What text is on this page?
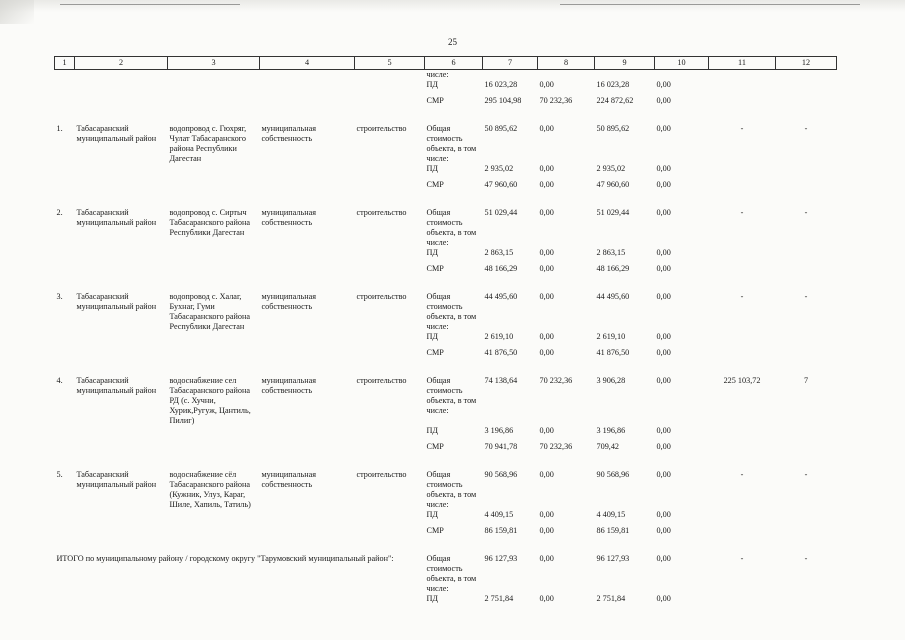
25
1	2	3	4	5	6	7	8	9	10	11	12
					числе:						
					ПД	16 023,28	0,00	16 023,28	0,00		
					СМР	295 104,98	70 232,36	224 872,62	0,00		

1.	Табасаранский муниципальный район	водопровод с. Гюхряг, Чулат Табасаранского района Республики Дагестан	муниципальная собственность	строительство	Общая стоимость объекта, в том числе:	50 895,62	0,00	50 895,62	0,00	-	-
					ПД	2 935,02	0,00	2 935,02	0,00		
					СМР	47 960,60	0,00	47 960,60	0,00		

2.	Табасаранский муниципальный район	водопровод с. Сиртыч Табасаранского района Республики Дагестан	муниципальная собственность	строительство	Общая стоимость объекта, в том числе:	51 029,44	0,00	51 029,44	0,00	-	-
					ПД	2 863,15	0,00	2 863,15	0,00		
					СМР	48 166,29	0,00	48 166,29	0,00		

3.	Табасаранский муниципальный район	водопровод с. Халаг, Бухнаг, Гуми Табасаранского района Республики Дагестан	муниципальная собственность	строительство	Общая стоимость объекта, в том числе:	44 495,60	0,00	44 495,60	0,00	-	-
					ПД	2 619,10	0,00	2 619,10	0,00		
					СМР	41 876,50	0,00	41 876,50	0,00		

4.	Табасаранский муниципальный район	водоснабжение сел Табасаранского района РД (с. Хучни, Хурик,Ругуж, Цантиль, Пилиг)	муниципальная собственность	строительство	Общая стоимость объекта, в том числе:	74 138,64	70 232,36	3 906,28	0,00	225 103,72	7
					ПД	3 196,86	0,00	3 196,86	0,00		
					СМР	70 941,78	70 232,36	709,42	0,00		

5.	Табасаранский муниципальный район	водоснабжение сёл Табасаранского района (Кужник, Улуз, Караг, Шиле, Хапиль, Татиль)	муниципальная собственность	строительство	Общая стоимость объекта, в том числе:	90 568,96	0,00	90 568,96	0,00	-	-
					ПД	4 409,15	0,00	4 409,15	0,00		
					СМР	86 159,81	0,00	86 159,81	0,00		

ИТОГО по муниципальному району / городскому округу "Тарумовский муниципальный район":					Общая стоимость объекта, в том числе:	96 127,93	0,00	96 127,93	0,00	-	-
					ПД	2 751,84	0,00	2 751,84	0,00		
